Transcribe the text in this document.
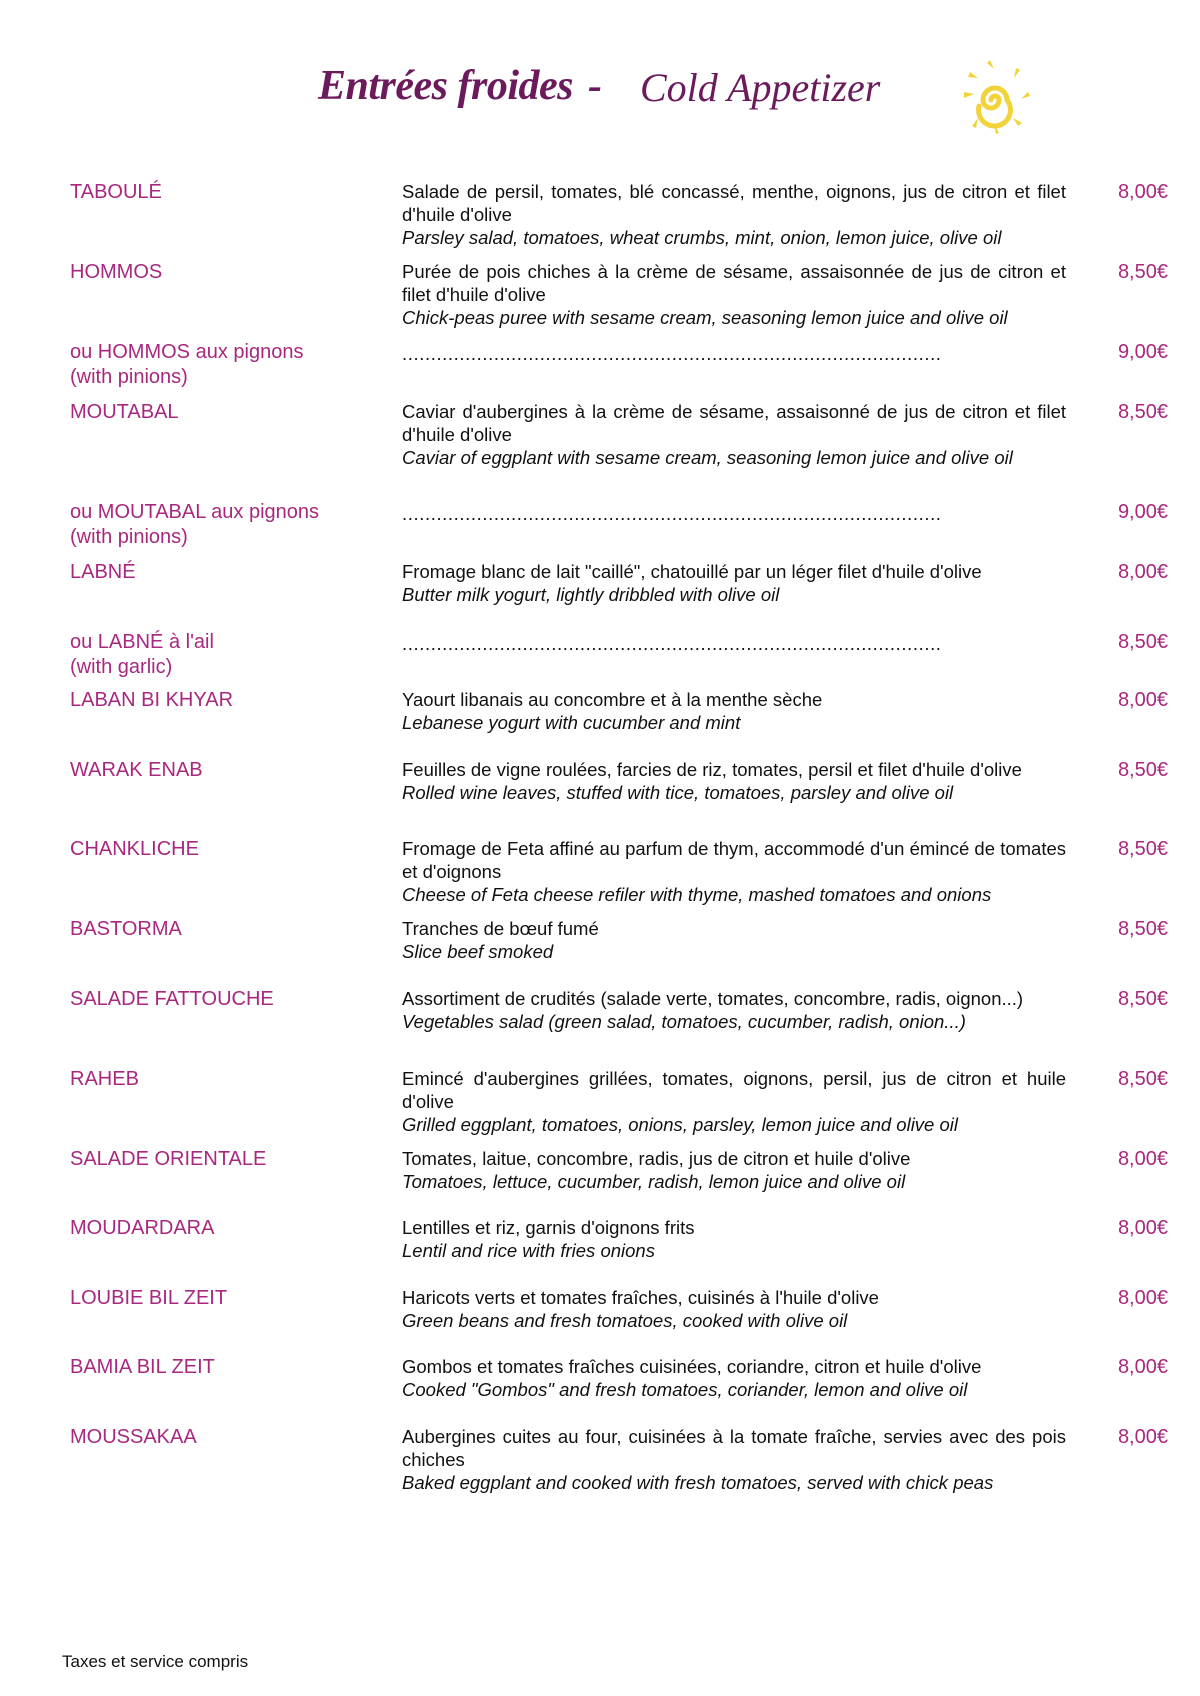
Entrées froides - Cold Appetizer
TABOULÉ	Salade de persil, tomates, blé concassé, menthe, oignons, jus de citron et filet d'huile d'olive
Parsley salad, tomatoes, wheat crumbs, mint, onion, lemon juice, olive oil
8,00€
HOMMOS	Purée de pois chiches à la crème de sésame, assaisonnée de jus de citron et filet d'huile d'olive
Chick-peas puree with sesame cream, seasoning lemon juice and olive oil
8,50€
ou HOMMOS aux pignons
(with pinions)
..............................................................................................	9,00€
MOUTABAL	Caviar d'aubergines à la crème de sésame, assaisonné de jus de citron et filet d'huile d'olive
Caviar of eggplant with sesame cream, seasoning lemon juice and olive oil
8,50€
ou MOUTABAL aux pignons
(with pinions)
..............................................................................................	9,00€
LABNÉ	Fromage blanc de lait "caillé", chatouillé par un léger filet d'huile d'olive
Butter milk yogurt, lightly dribbled with olive oil
8,00€
ou LABNÉ à l'ail
(with garlic)
..............................................................................................	8,50€
LABAN BI KHYAR	Yaourt libanais au concombre et à la menthe sèche
Lebanese yogurt with cucumber and mint
8,00€
WARAK ENAB	Feuilles de vigne roulées, farcies de riz, tomates, persil et filet d'huile d'olive
Rolled wine leaves, stuffed with tice, tomatoes, parsley and olive oil
8,50€
CHANKLICHE	Fromage de Feta affiné au parfum de thym, accommodé d'un émincé de tomates et d'oignons
Cheese of Feta cheese refiler with thyme, mashed tomatoes and onions
8,50€
BASTORMA	Tranches de bœuf fumé
Slice beef smoked
8,50€
SALADE FATTOUCHE	Assortiment de crudités (salade verte, tomates, concombre, radis, oignon...)
Vegetables salad (green salad, tomatoes, cucumber, radish, onion...)
8,50€
RAHEB	Emincé d'aubergines grillées, tomates, oignons, persil, jus de citron et huile d'olive
Grilled eggplant, tomatoes, onions, parsley, lemon juice and olive oil
8,50€
SALADE ORIENTALE	Tomates, laitue, concombre, radis, jus de citron et huile d'olive
Tomatoes, lettuce, cucumber, radish, lemon juice and olive oil
8,00€
MOUDARDARA	Lentilles et riz, garnis d'oignons frits
Lentil and rice with fries onions
8,00€
LOUBIE BIL ZEIT	Haricots verts et tomates fraîches, cuisinés à l'huile d'olive
Green beans and fresh tomatoes, cooked with olive oil
8,00€
BAMIA BIL ZEIT	Gombos et tomates fraîches cuisinées, coriandre, citron et huile d'olive
Cooked "Gombos" and fresh tomatoes, coriander, lemon and olive oil
8,00€
MOUSSAKAA	Aubergines cuites au four, cuisinées à la tomate fraîche, servies avec des pois chiches
Baked eggplant and cooked with fresh tomatoes, served with chick peas
8,00€
Taxes et service compris
